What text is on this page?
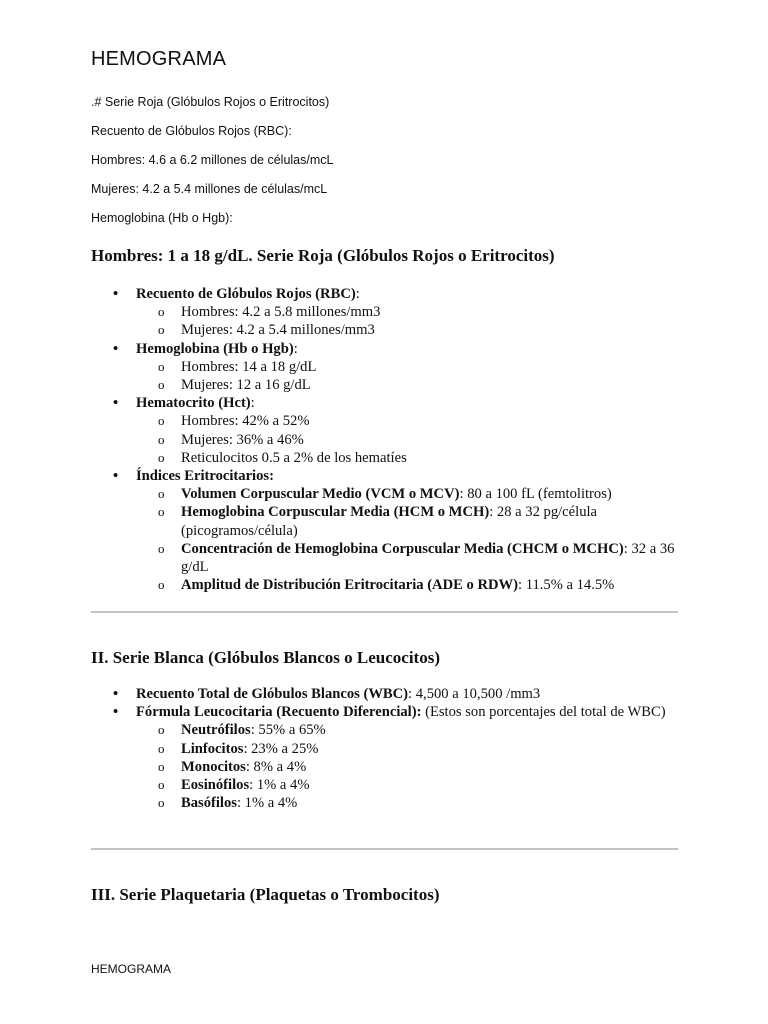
HEMOGRAMA
.# Serie Roja (Glóbulos Rojos o Eritrocitos)
Recuento de Glóbulos Rojos (RBC):
Hombres: 4.6 a 6.2 millones de células/mcL
Mujeres: 4.2 a 5.4 millones de células/mcL
Hemoglobina (Hb o Hgb):
Hombres: 1 a 18 g/dL. Serie Roja (Glóbulos Rojos o Eritrocitos)
• Recuento de Glóbulos Rojos (RBC):
o Hombres: 4.2 a 5.8 millones/mm3
o Mujeres: 4.2 a 5.4 millones/mm3
• Hemoglobina (Hb o Hgb):
o Hombres: 14 a 18 g/dL
o Mujeres: 12 a 16 g/dL
• Hematocrito (Hct):
o Hombres: 42% a 52%
o Mujeres: 36% a 46%
o Reticulocitos 0.5 a 2% de los hematíes
• Índices Eritrocitarios:
o Volumen Corpuscular Medio (VCM o MCV): 80 a 100 fL (femtolitros)
o Hemoglobina Corpuscular Media (HCM o MCH): 28 a 32 pg/célula (picogramos/célula)
o Concentración de Hemoglobina Corpuscular Media (CHCM o MCHC): 32 a 36 g/dL
o Amplitud de Distribución Eritrocitaria (ADE o RDW): 11.5% a 14.5%
II. Serie Blanca (Glóbulos Blancos o Leucocitos)
• Recuento Total de Glóbulos Blancos (WBC): 4,500 a 10,500 /mm3
• Fórmula Leucocitaria (Recuento Diferencial): (Estos son porcentajes del total de WBC)
o Neutrófilos: 55% a 65%
o Linfocitos: 23% a 25%
o Monocitos: 8% a 4%
o Eosinófilos: 1% a 4%
o Basófilos: 1% a 4%
III. Serie Plaquetaria (Plaquetas o Trombocitos)
HEMOGRAMA
